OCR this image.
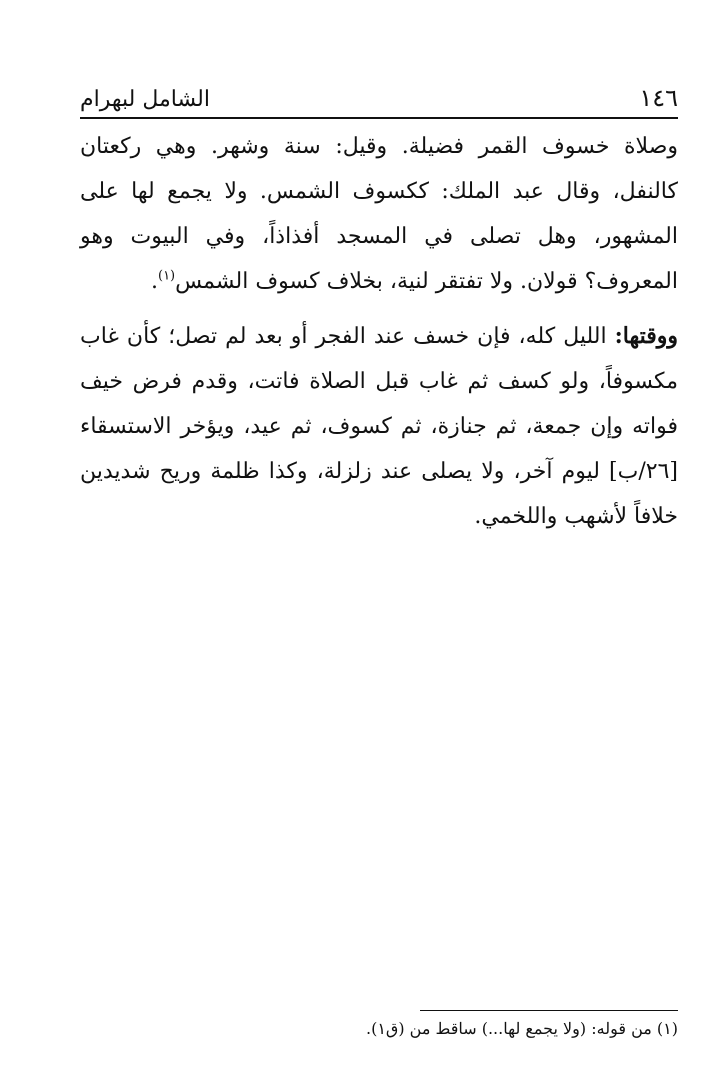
١٤٦
الشامل لبهرام

وصلاة خسوف القمر فضيلة. وقيل: سنة وشهر. وهي ركعتان كالنفل، وقال عبد الملك: ككسوف الشمس. ولا يجمع لها على المشهور، وهل تصلى في المسجد أفذاذاً، وفي البيوت وهو المعروف؟ قولان. ولا تفتقر لنية، بخلاف كسوف الشمس$^{(١)}$.

ووقتها: الليل كله، فإن خسف عند الفجر أو بعد لم تصل؛ كأن غاب مكسوفاً، ولو كسف ثم غاب قبل الصلاة فاتت، وقدم فرض خيف فواته وإن جمعة، ثم جنازة، ثم كسوف، ثم عيد، ويؤخر الاستسقاء [٢٦/ب] ليوم آخر، ولا يصلى عند زلزلة، وكذا ظلمة وريح شديدين خلافاً لأشهب واللخمي.

(١) من قوله: (ولا يجمع لها...) ساقط من (ق١).
